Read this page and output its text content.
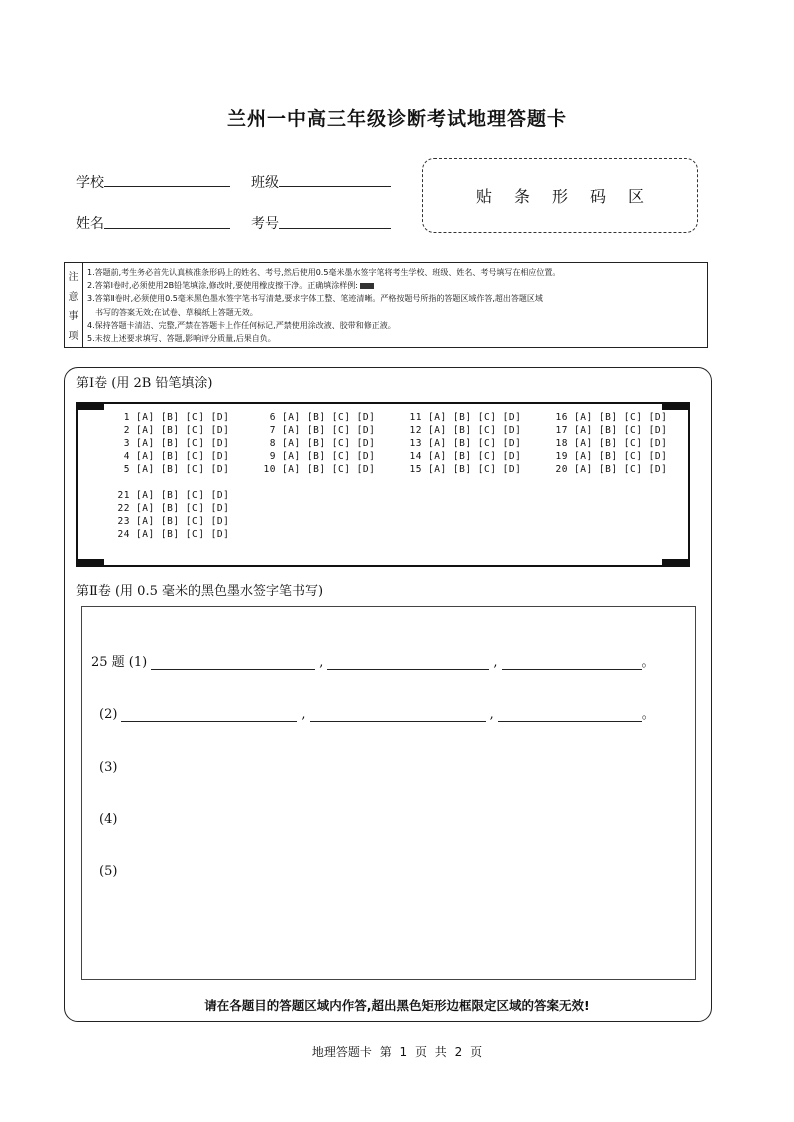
兰州一中高三年级诊断考试地理答题卡
学校	班级
姓名	考号
贴条形码区
注
意
事
项
1.答题前,考生务必首先认真核准条形码上的姓名、考号,然后使用0.5毫米墨水签字笔将考生学校、班级、姓名、考号填写在相应位置。
2.答第Ⅰ卷时,必须使用2B铅笔填涂,修改时,要使用橡皮擦干净。正确填涂样例:
3.答第Ⅱ卷时,必须使用0.5毫米黑色墨水签字笔书写清楚,要求字体工整、笔迹清晰。严格按题号所指的答题区域作答,超出答题区域
书写的答案无效;在试卷、草稿纸上答题无效。
4.保持答题卡清洁、完整,严禁在答题卡上作任何标记,严禁使用涂改液、胶带和修正液。
5.未按上述要求填写、答题,影响评分质量,后果自负。
第Ⅰ卷 (用 2B 铅笔填涂)
1 [A] [B] [C] [D]
2 [A] [B] [C] [D]
3 [A] [B] [C] [D]
4 [A] [B] [C] [D]
5 [A] [B] [C] [D]
6 [A] [B] [C] [D]
7 [A] [B] [C] [D]
8 [A] [B] [C] [D]
9 [A] [B] [C] [D]
10 [A] [B] [C] [D]
11 [A] [B] [C] [D]
12 [A] [B] [C] [D]
13 [A] [B] [C] [D]
14 [A] [B] [C] [D]
15 [A] [B] [C] [D]
16 [A] [B] [C] [D]
17 [A] [B] [C] [D]
18 [A] [B] [C] [D]
19 [A] [B] [C] [D]
20 [A] [B] [C] [D]
21 [A] [B] [C] [D]
22 [A] [B] [C] [D]
23 [A] [B] [C] [D]
24 [A] [B] [C] [D]
第Ⅱ卷 (用 0.5 毫米的黑色墨水签字笔书写)
25 题 (1)	,	,	。
(2)	,	,	。
(3)
(4)
(5)
请在各题目的答题区域内作答,超出黑色矩形边框限定区域的答案无效!
地理答题卡 第 1 页 共 2 页
